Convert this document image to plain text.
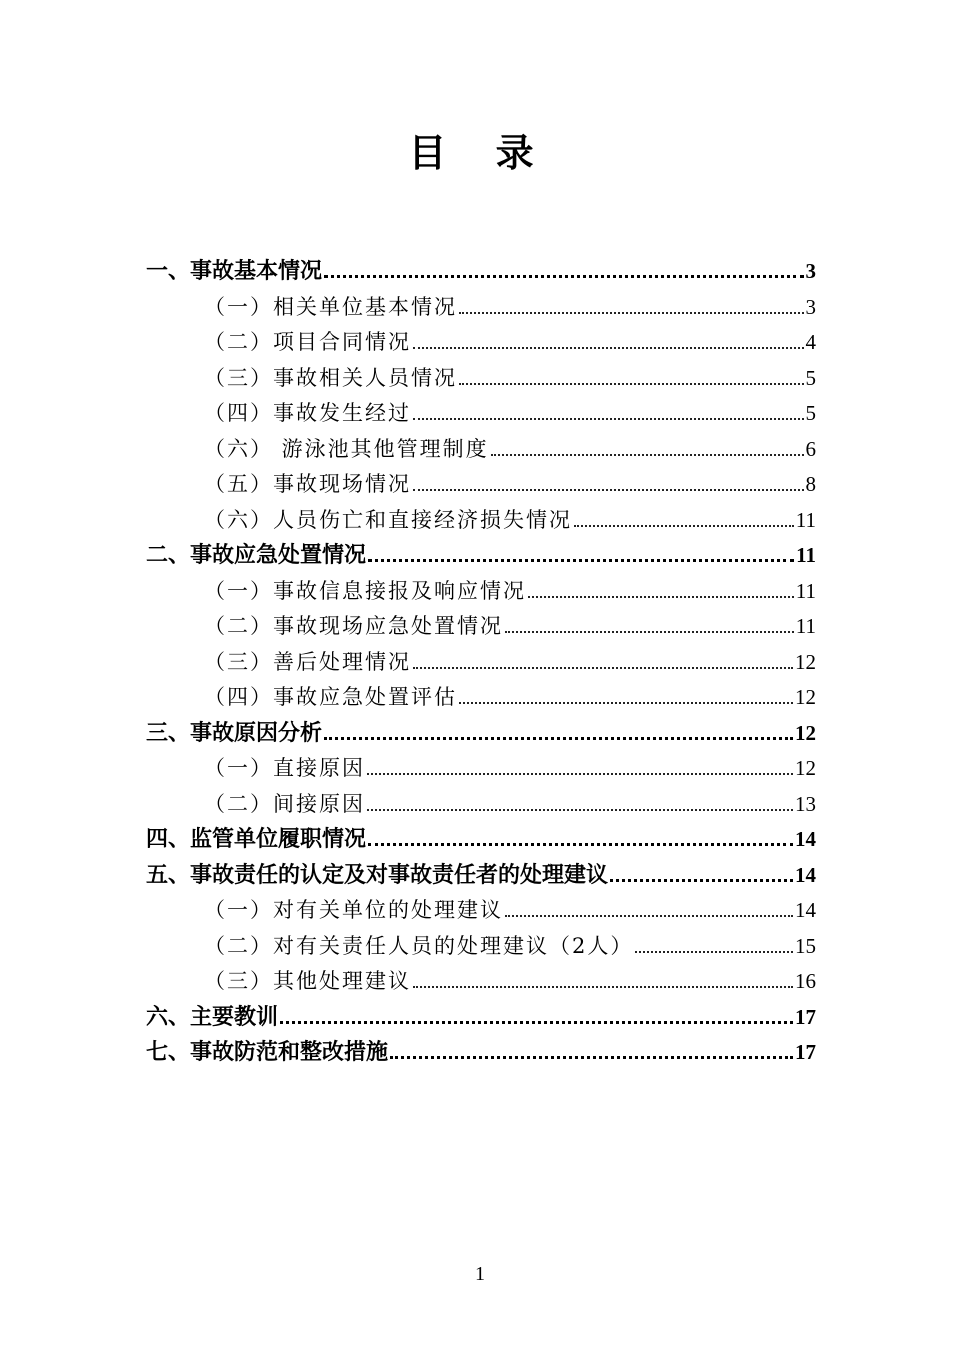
目 录
一、事故基本情况	3
（一）相关单位基本情况	3
（二）项目合同情况	4
（三）事故相关人员情况	5
（四）事故发生经过	5
（六） 游泳池其他管理制度	6
（五）事故现场情况	8
（六）人员伤亡和直接经济损失情况	11
二、事故应急处置情况	11
（一）事故信息接报及响应情况	11
（二）事故现场应急处置情况	11
（三）善后处理情况	12
（四）事故应急处置评估	12
三、事故原因分析	12
（一）直接原因	12
（二）间接原因	13
四、监管单位履职情况	14
五、事故责任的认定及对事故责任者的处理建议	14
（一）对有关单位的处理建议	14
（二）对有关责任人员的处理建议（2人）	15
（三）其他处理建议	16
六、主要教训	17
七、事故防范和整改措施	17
1
